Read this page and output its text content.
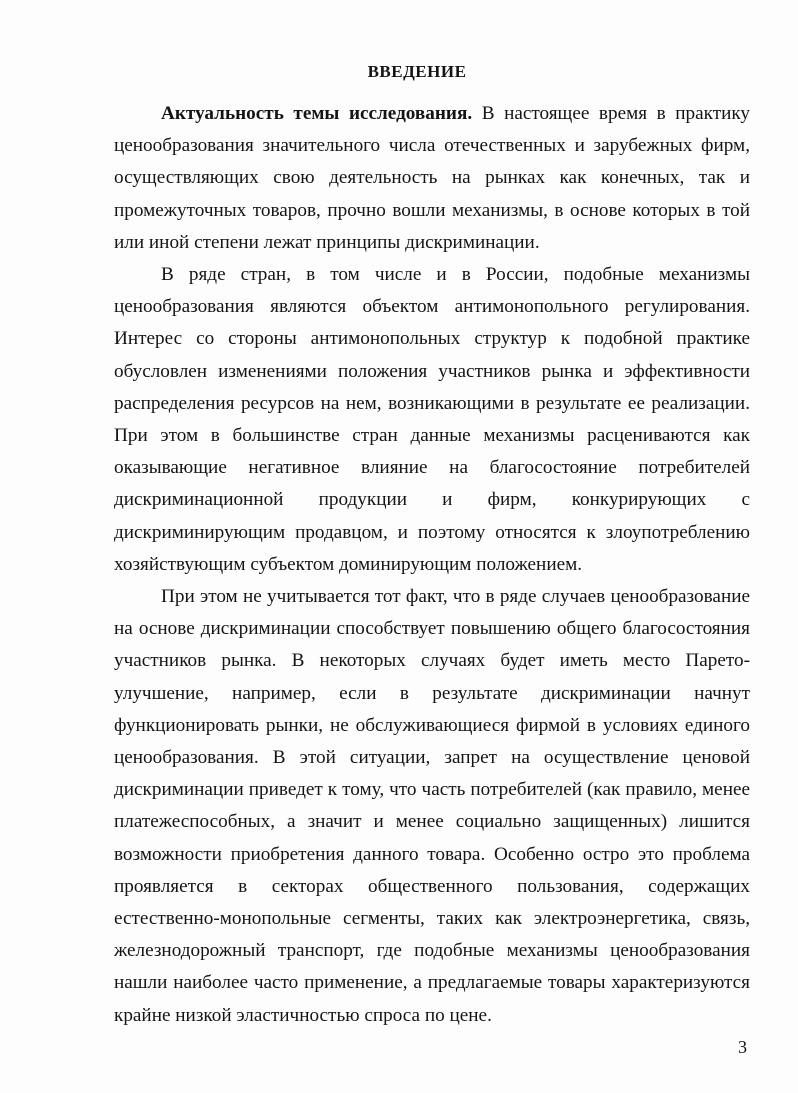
ВВЕДЕНИЕ

Актуальность темы исследования. В настоящее время в практику ценообразования значительного числа отечественных и зарубежных фирм, осуществляющих свою деятельность на рынках как конечных, так и промежуточных товаров, прочно вошли механизмы, в основе которых в той или иной степени лежат принципы дискриминации.

В ряде стран, в том числе и в России, подобные механизмы ценообразования являются объектом антимонопольного регулирования. Интерес со стороны антимонопольных структур к подобной практике обусловлен изменениями положения участников рынка и эффективности распределения ресурсов на нем, возникающими в результате ее реализации. При этом в большинстве стран данные механизмы расцениваются как оказывающие негативное влияние на благосостояние потребителей дискриминационной продукции и фирм, конкурирующих с дискриминирующим продавцом, и поэтому относятся к злоупотреблению хозяйствующим субъектом доминирующим положением.

При этом не учитывается тот факт, что в ряде случаев ценообразование на основе дискриминации способствует повышению общего благосостояния участников рынка. В некоторых случаях будет иметь место Парето-улучшение, например, если в результате дискриминации начнут функционировать рынки, не обслуживающиеся фирмой в условиях единого ценообразования. В этой ситуации, запрет на осуществление ценовой дискриминации приведет к тому, что часть потребителей (как правило, менее платежеспособных, а значит и менее социально защищенных) лишится возможности приобретения данного товара. Особенно остро это проблема проявляется в секторах общественного пользования, содержащих естественно-монопольные сегменты, таких как электроэнергетика, связь, железнодорожный транспорт, где подобные механизмы ценообразования нашли наиболее часто применение, а предлагаемые товары характеризуются крайне низкой эластичностью спроса по цене.

3
